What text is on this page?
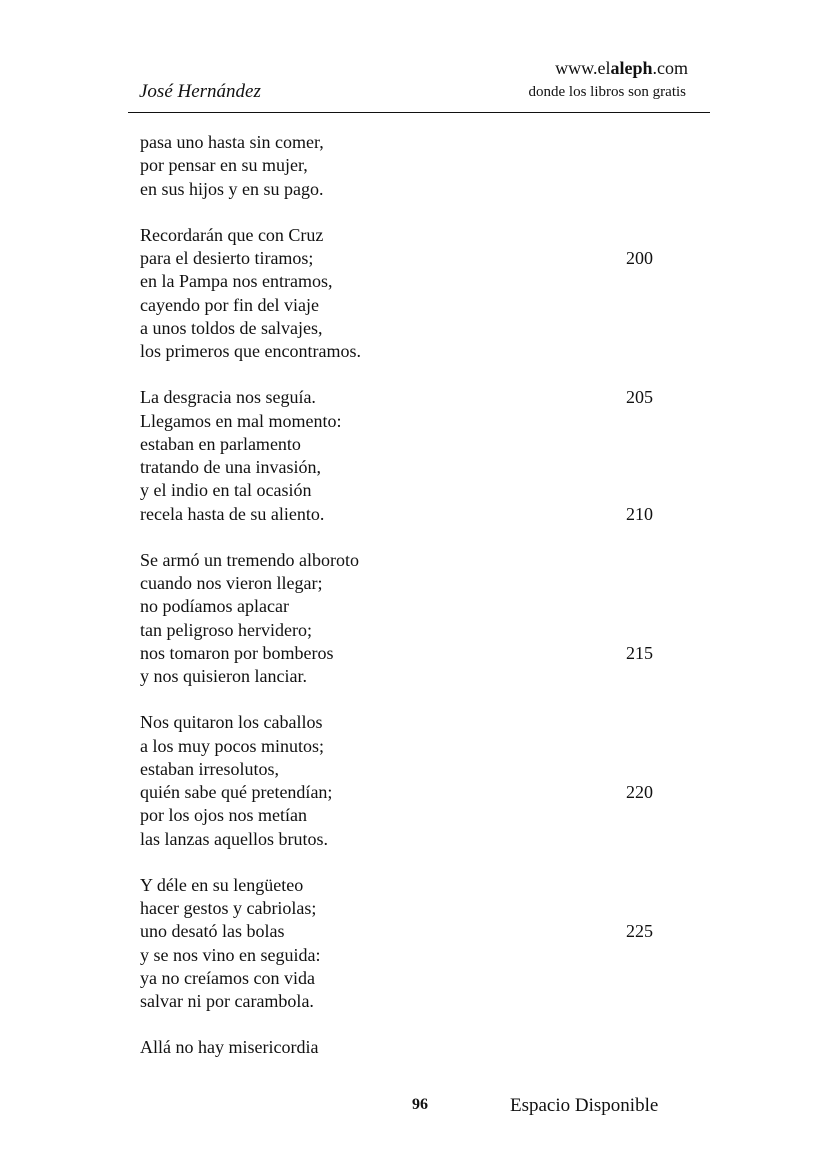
José Hernández
www.elaleph.com
donde los libros son gratis
pasa uno hasta sin comer,
por pensar en su mujer,
en sus hijos y en su pago.
Recordarán que con Cruz
para el desierto tiramos;	200
en la Pampa nos entramos,
cayendo por fin del viaje
a unos toldos de salvajes,
los primeros que encontramos.
La desgracia nos seguía.	205
Llegamos en mal momento:
estaban en parlamento
tratando de una invasión,
y el indio en tal ocasión
recela hasta de su aliento.	210
Se armó un tremendo alboroto
cuando nos vieron llegar;
no podíamos aplacar
tan peligroso hervidero;
nos tomaron por bomberos	215
y nos quisieron lanciar.
Nos quitaron los caballos
a los muy pocos minutos;
estaban irresolutos,
quién sabe qué pretendían;	220
por los ojos nos metían
las lanzas aquellos brutos.
Y déle en su lengüeteo
hacer gestos y cabriolas;
uno desató las bolas	225
y se nos vino en seguida:
ya no creíamos con vida
salvar ni por carambola.
Allá no hay misericordia
96	Espacio Disponible
